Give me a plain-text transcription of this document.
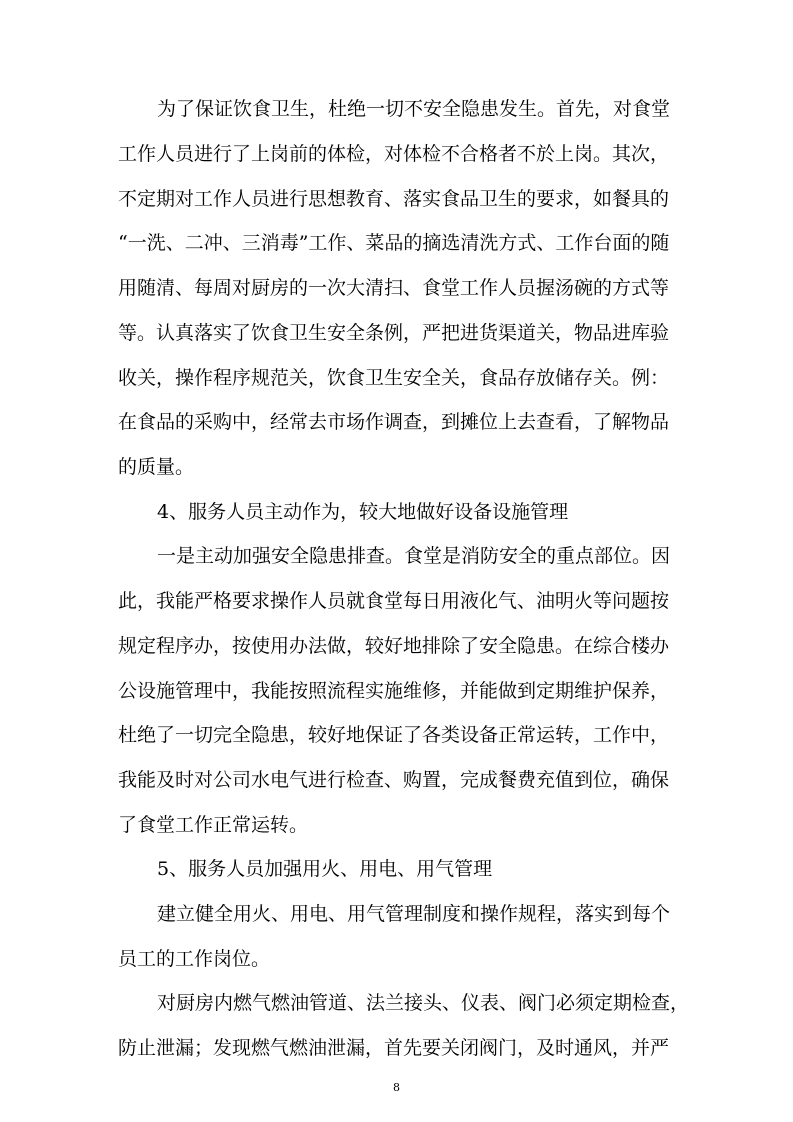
为了保证饮食卫生，杜绝一切不安全隐患发生。首先，对食堂
工作人员进行了上岗前的体检，对体检不合格者不於上岗。其次，
不定期对工作人员进行思想教育、落实食品卫生的要求，如餐具的
“一洗、二冲、三消毒”工作、菜品的摘选清洗方式、工作台面的随
用随清、每周对厨房的一次大清扫、食堂工作人员握汤碗的方式等
等。认真落实了饮食卫生安全条例，严把进货渠道关，物品进库验
收关，操作程序规范关，饮食卫生安全关，食品存放储存关。例：
在食品的采购中，经常去市场作调查，到摊位上去查看，了解物品
的质量。
4、服务人员主动作为，较大地做好设备设施管理
一是主动加强安全隐患排查。食堂是消防安全的重点部位。因
此，我能严格要求操作人员就食堂每日用液化气、油明火等问题按
规定程序办，按使用办法做，较好地排除了安全隐患。在综合楼办
公设施管理中，我能按照流程实施维修，并能做到定期维护保养，
杜绝了一切完全隐患，较好地保证了各类设备正常运转，工作中，
我能及时对公司水电气进行检查、购置，完成餐费充值到位，确保
了食堂工作正常运转。
5、服务人员加强用火、用电、用气管理
建立健全用火、用电、用气管理制度和操作规程，落实到每个
员工的工作岗位。
对厨房内燃气燃油管道、法兰接头、仪表、阀门必须定期检查，
防止泄漏；发现燃气燃油泄漏，首先要关闭阀门，及时通风，并严
8
